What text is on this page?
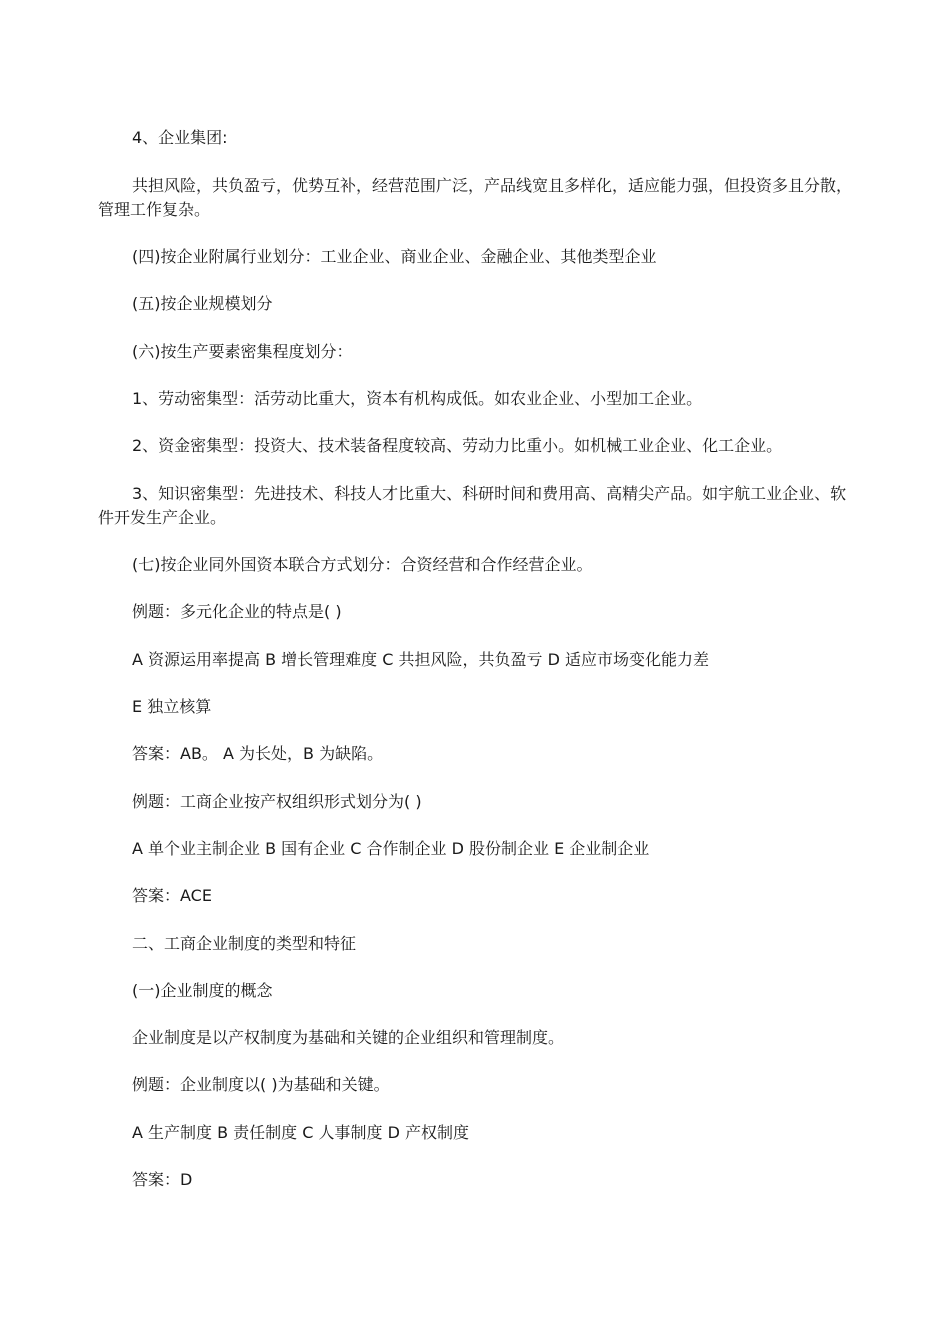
4、企业集团:

共担风险，共负盈亏，优势互补，经营范围广泛，产品线宽且多样化，适应能力强，但投资多且分散，管理工作复杂。

(四)按企业附属行业划分：工业企业、商业企业、金融企业、其他类型企业

(五)按企业规模划分

(六)按生产要素密集程度划分：

1、劳动密集型：活劳动比重大，资本有机构成低。如农业企业、小型加工企业。

2、资金密集型：投资大、技术装备程度较高、劳动力比重小。如机械工业企业、化工企业。

3、知识密集型：先进技术、科技人才比重大、科研时间和费用高、高精尖产品。如宇航工业企业、软件开发生产企业。

(七)按企业同外国资本联合方式划分：合资经营和合作经营企业。

例题：多元化企业的特点是( )

A 资源运用率提高 B 增长管理难度 C 共担风险，共负盈亏 D 适应市场变化能力差

E 独立核算

答案：AB。 A 为长处，B 为缺陷。

例题：工商企业按产权组织形式划分为( )

A 单个业主制企业 B 国有企业 C 合作制企业 D 股份制企业 E 企业制企业

答案：ACE

二、工商企业制度的类型和特征

(一)企业制度的概念

企业制度是以产权制度为基础和关键的企业组织和管理制度。

例题：企业制度以( )为基础和关键。

A 生产制度 B 责任制度 C 人事制度 D 产权制度

答案：D
